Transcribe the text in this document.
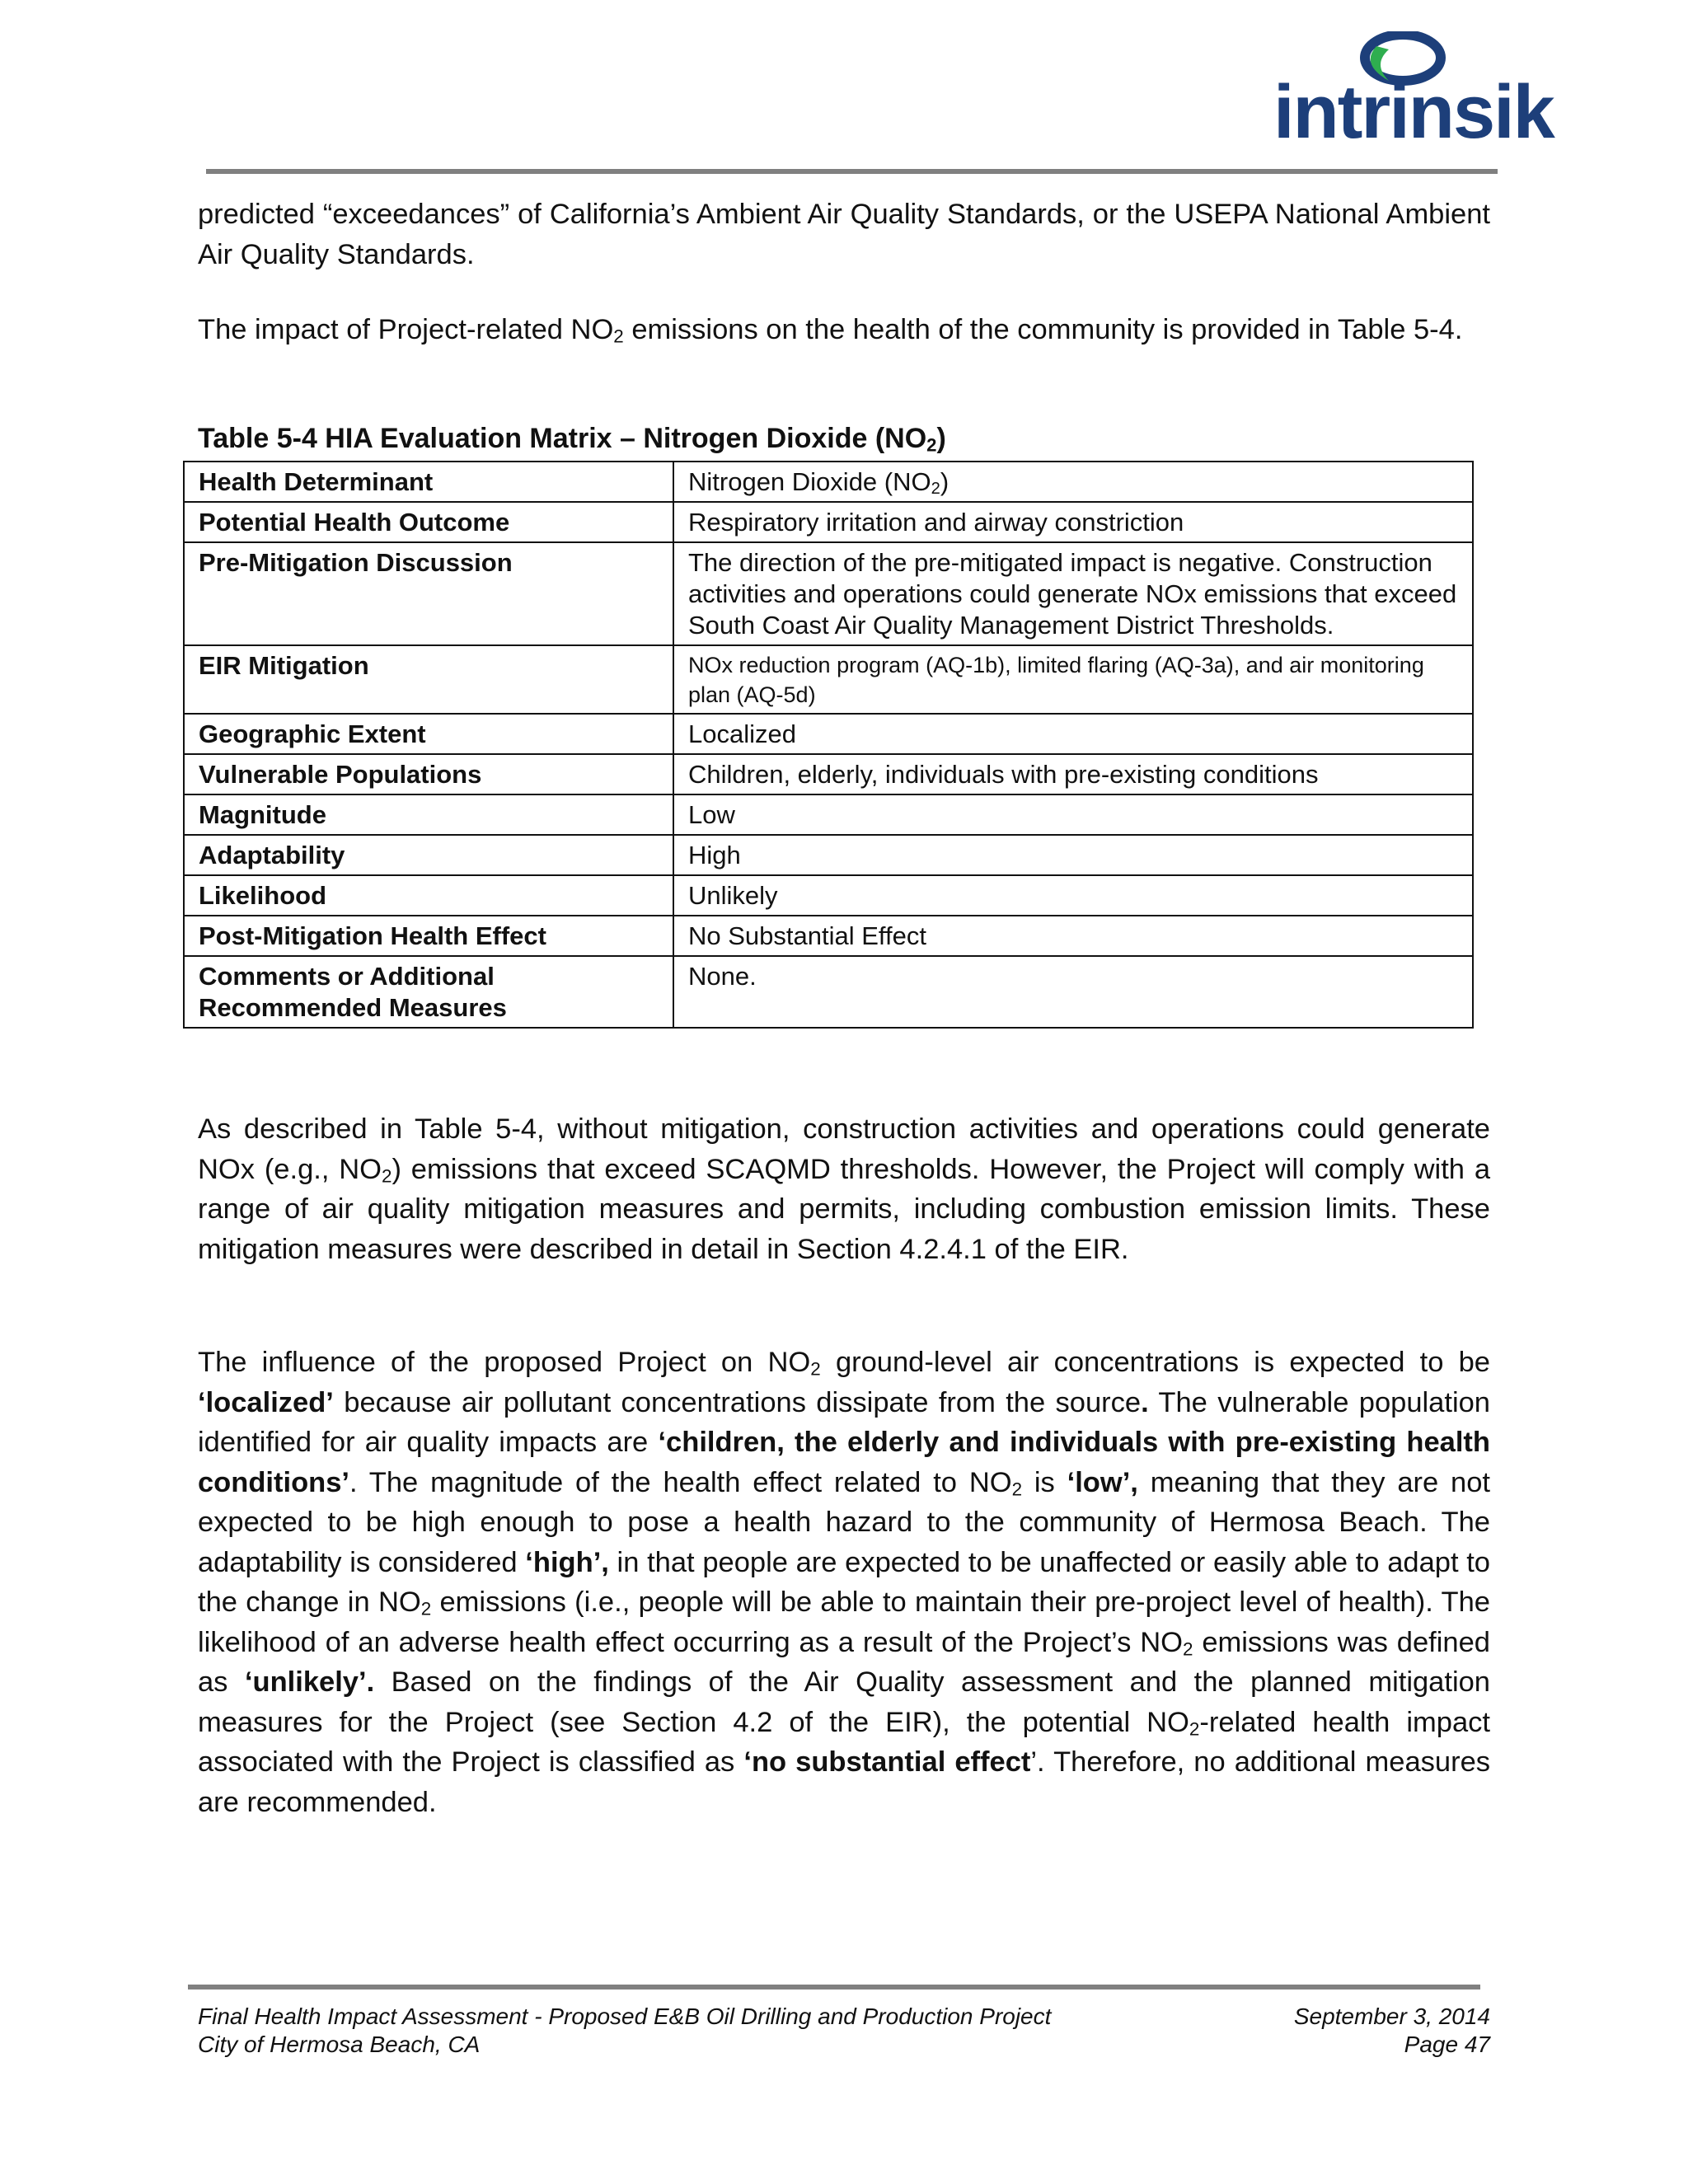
intrinsik
predicted “exceedances” of California’s Ambient Air Quality Standards, or the USEPA National Ambient Air Quality Standards.
The impact of Project-related $NO_2$ emissions on the health of the community is provided in Table 5-4.
Table 5-4 HIA Evaluation Matrix – Nitrogen Dioxide $(NO_2)$
Health Determinant	Nitrogen Dioxide $(NO_2)$
Potential Health Outcome	Respiratory irritation and airway constriction
Pre-Mitigation Discussion	The direction of the pre-mitigated impact is negative. Construction activities and operations could generate NOx emissions that exceed South Coast Air Quality Management District Thresholds.
EIR Mitigation	NOx reduction program (AQ-1b), limited flaring (AQ-3a), and air monitoring plan (AQ-5d)
Geographic Extent	Localized
Vulnerable Populations	Children, elderly, individuals with pre-existing conditions
Magnitude	Low
Adaptability	High
Likelihood	Unlikely
Post-Mitigation Health Effect	No Substantial Effect
Comments or Additional Recommended Measures	None.
As described in Table 5-4, without mitigation, construction activities and operations could generate NOx (e.g., $NO_2$) emissions that exceed SCAQMD thresholds. However, the Project will comply with a range of air quality mitigation measures and permits, including combustion emission limits. These mitigation measures were described in detail in Section 4.2.4.1 of the EIR.
The influence of the proposed Project on $NO_2$ ground-level air concentrations is expected to be ‘localized’ because air pollutant concentrations dissipate from the source. The vulnerable population identified for air quality impacts are ‘children, the elderly and individuals with pre-existing health conditions’. The magnitude of the health effect related to $NO_2$ is ‘low’, meaning that they are not expected to be high enough to pose a health hazard to the community of Hermosa Beach. The adaptability is considered ‘high’, in that people are expected to be unaffected or easily able to adapt to the change in $NO_2$ emissions (i.e., people will be able to maintain their pre-project level of health). The likelihood of an adverse health effect occurring as a result of the Project’s $NO_2$ emissions was defined as ‘unlikely’. Based on the findings of the Air Quality assessment and the planned mitigation measures for the Project (see Section 4.2 of the EIR), the potential $NO_2$-related health impact associated with the Project is classified as ‘no substantial effect’. Therefore, no additional measures are recommended.
Final Health Impact Assessment - Proposed E&B Oil Drilling and Production Project
City of Hermosa Beach, CA
September 3, 2014
Page 47
